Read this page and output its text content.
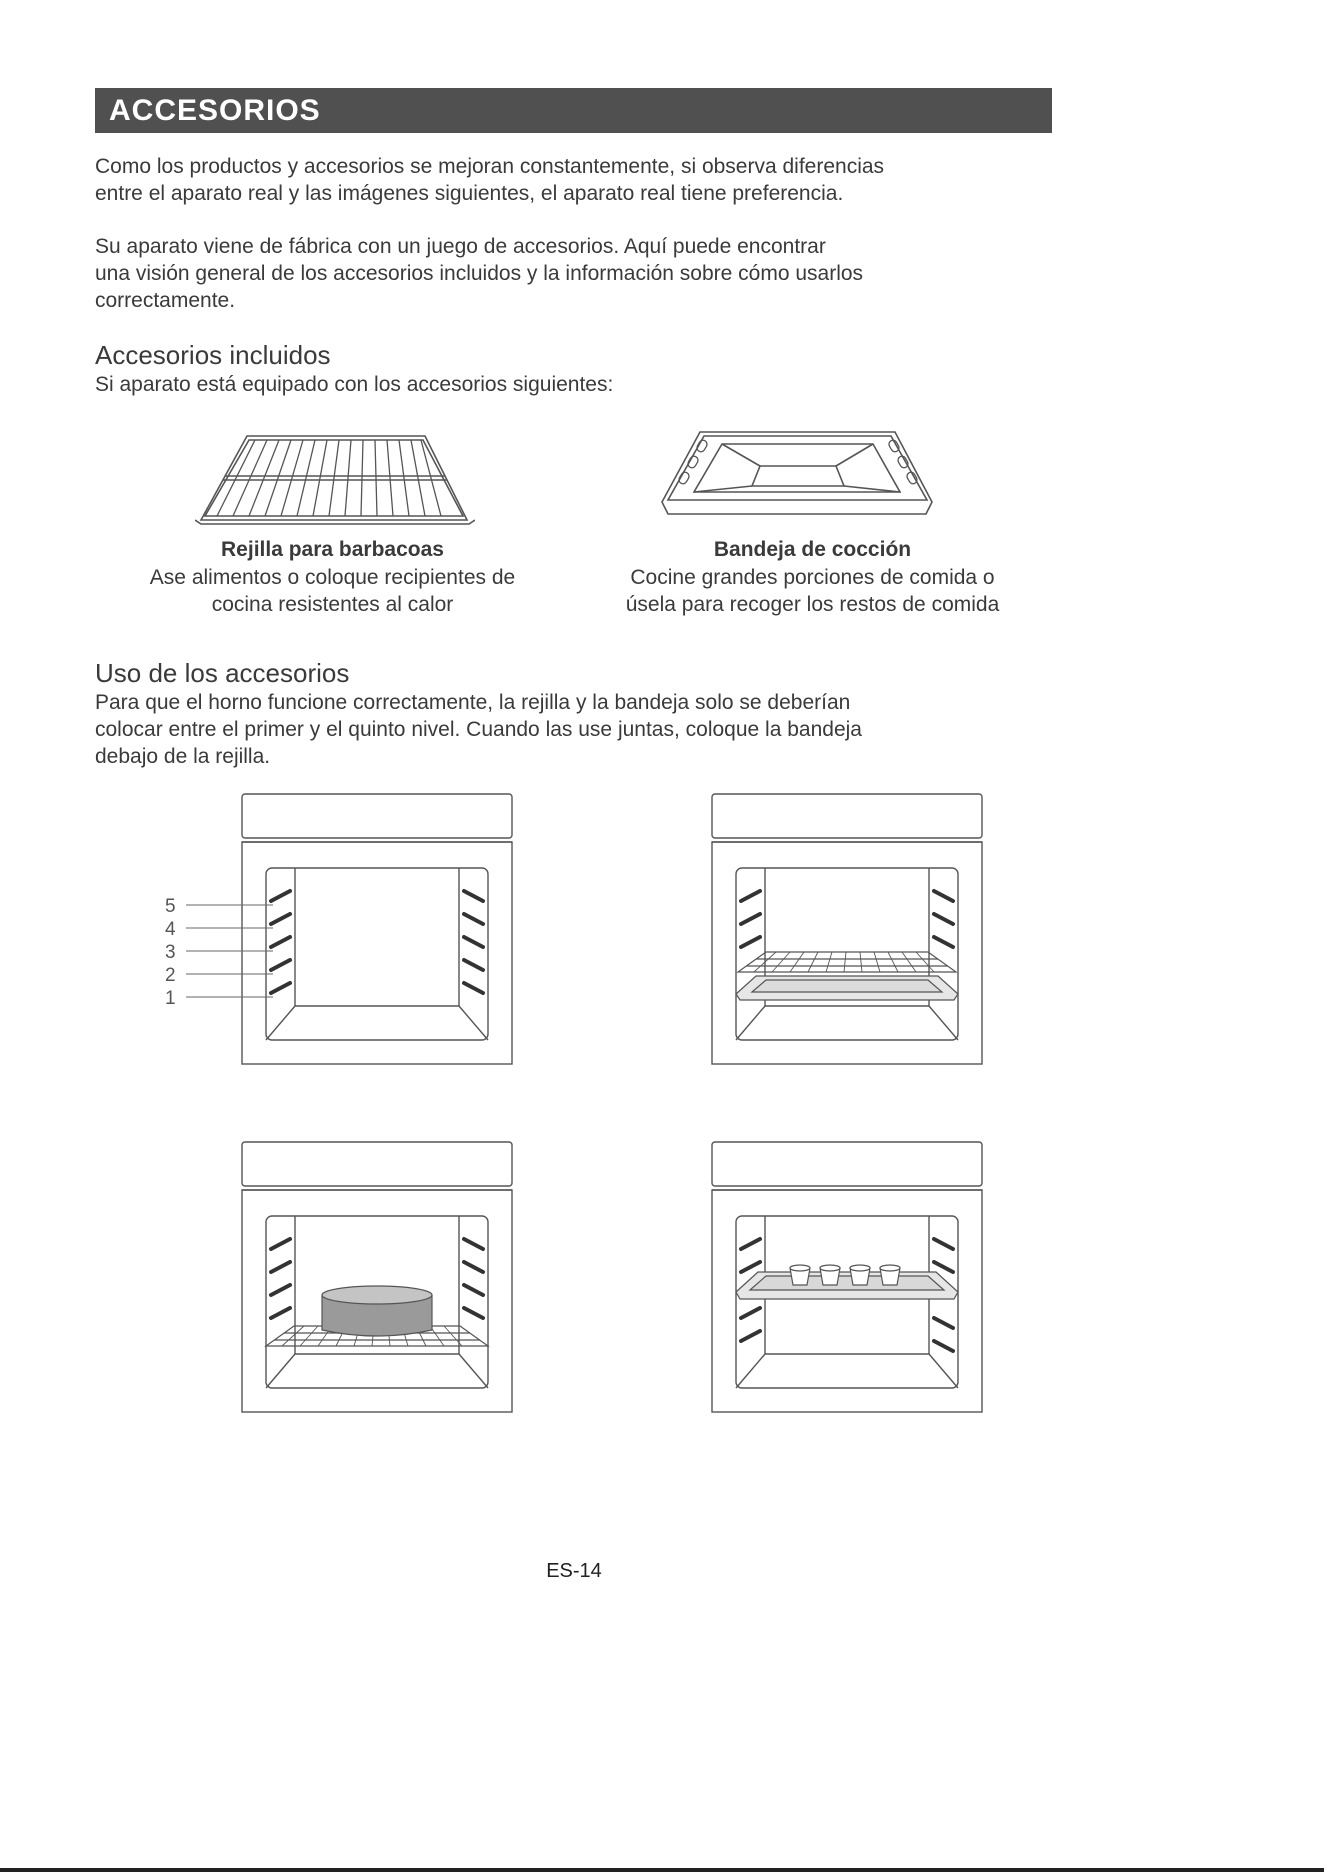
ACCESORIOS
Como los productos y accesorios se mejoran constantemente, si observa diferencias
entre el aparato real y las imágenes siguientes, el aparato real tiene preferencia.
Su aparato viene de fábrica con un juego de accesorios. Aquí puede encontrar
una visión general de los accesorios incluidos y la información sobre cómo usarlos
correctamente.
Accesorios incluidos
Si aparato está equipado con los accesorios siguientes:
Rejilla para barbacoas
Ase alimentos o coloque recipientes de
cocina resistentes al calor
Bandeja de cocción
Cocine grandes porciones de comida o
úsela para recoger los restos de comida
Uso de los accesorios
Para que el horno funcione correctamente, la rejilla y la bandeja solo se deberían
colocar entre el primer y el quinto nivel. Cuando las use juntas, coloque la bandeja
debajo de la rejilla.
5
4
3
2
1
ES-14
